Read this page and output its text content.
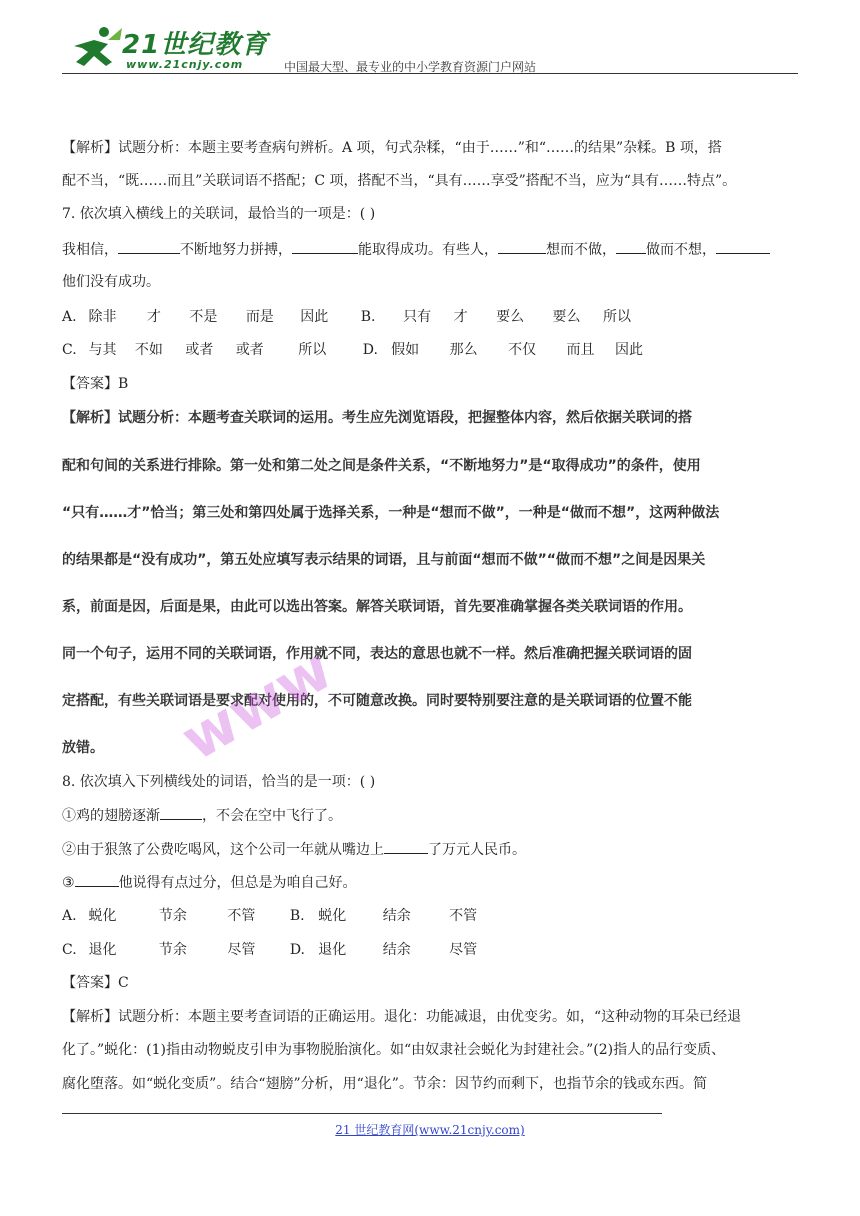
21世纪教育
www.21cnjy.com	中国最大型、最专业的中小学教育资源门户网站
【解析】试题分析：本题主要考查病句辨析。A 项，句式杂糅，“由于……”和“……的结果”杂糅。B 项，搭
配不当，“既……而且”关联词语不搭配；C 项，搭配不当，“具有……享受”搭配不当，应为“具有……特点”。
7. 依次填入横线上的关联词，最恰当的一项是：( )
我相信，	不断地努力拼搏，	能取得成功。有些人，	想而不做， 做而不想，
他们没有成功。
A. 除非 才 不是 而是 因此 B. 只有 才 要么 要么 所以
C. 与其 不如 或者 或者 所以	D. 假如 那么 不仅 而且 因此
【答案】B
【解析】试题分析：本题考查关联词的运用。考生应先浏览语段，把握整体内容，然后依据关联词的搭
配和句间的关系进行排除。第一处和第二处之间是条件关系，“不断地努力”是“取得成功”的条件，使用
“只有……才”恰当；第三处和第四处属于选择关系，一种是“想而不做”，一种是“做而不想”，这两种做法
的结果都是“没有成功”，第五处应填写表示结果的词语，且与前面“想而不做”“做而不想”之间是因果关
系，前面是因，后面是果，由此可以选出答案。解答关联词语，首先要准确掌握各类关联词语的作用。
同一个句子，运用不同的关联词语，作用就不同，表达的意思也就不一样。然后准确把握关联词语的固
定搭配，有些关联词语是要求配对使用的，不可随意改换。同时要特别要注意的是关联词语的位置不能
放错。 www
8. 依次填入下列横线处的词语，恰当的是一项：( )
①鸡的翅膀逐渐	，不会在空中飞行了。
②由于狠煞了公费吃喝风，这个公司一年就从嘴边上	了万元人民币。
③	他说得有点过分，但总是为咱自己好。
A. 蜕化	节余	不管 B. 蜕化	结余	不管
C. 退化	节余	尽管 D. 退化	结余	尽管
【答案】C
【解析】试题分析：本题主要考查词语的正确运用。退化：功能减退，由优变劣。如，“这种动物的耳朵已经退
化了。”蜕化：(1)指由动物蜕皮引申为事物脱胎演化。如“由奴隶社会蜕化为封建社会。”(2)指人的品行变质、
腐化堕落。如“蜕化变质”。结合“翅膀”分析，用“退化”。节余：因节约而剩下，也指节余的钱或东西。简
21 世纪教育网(www.21cnjy.com)
